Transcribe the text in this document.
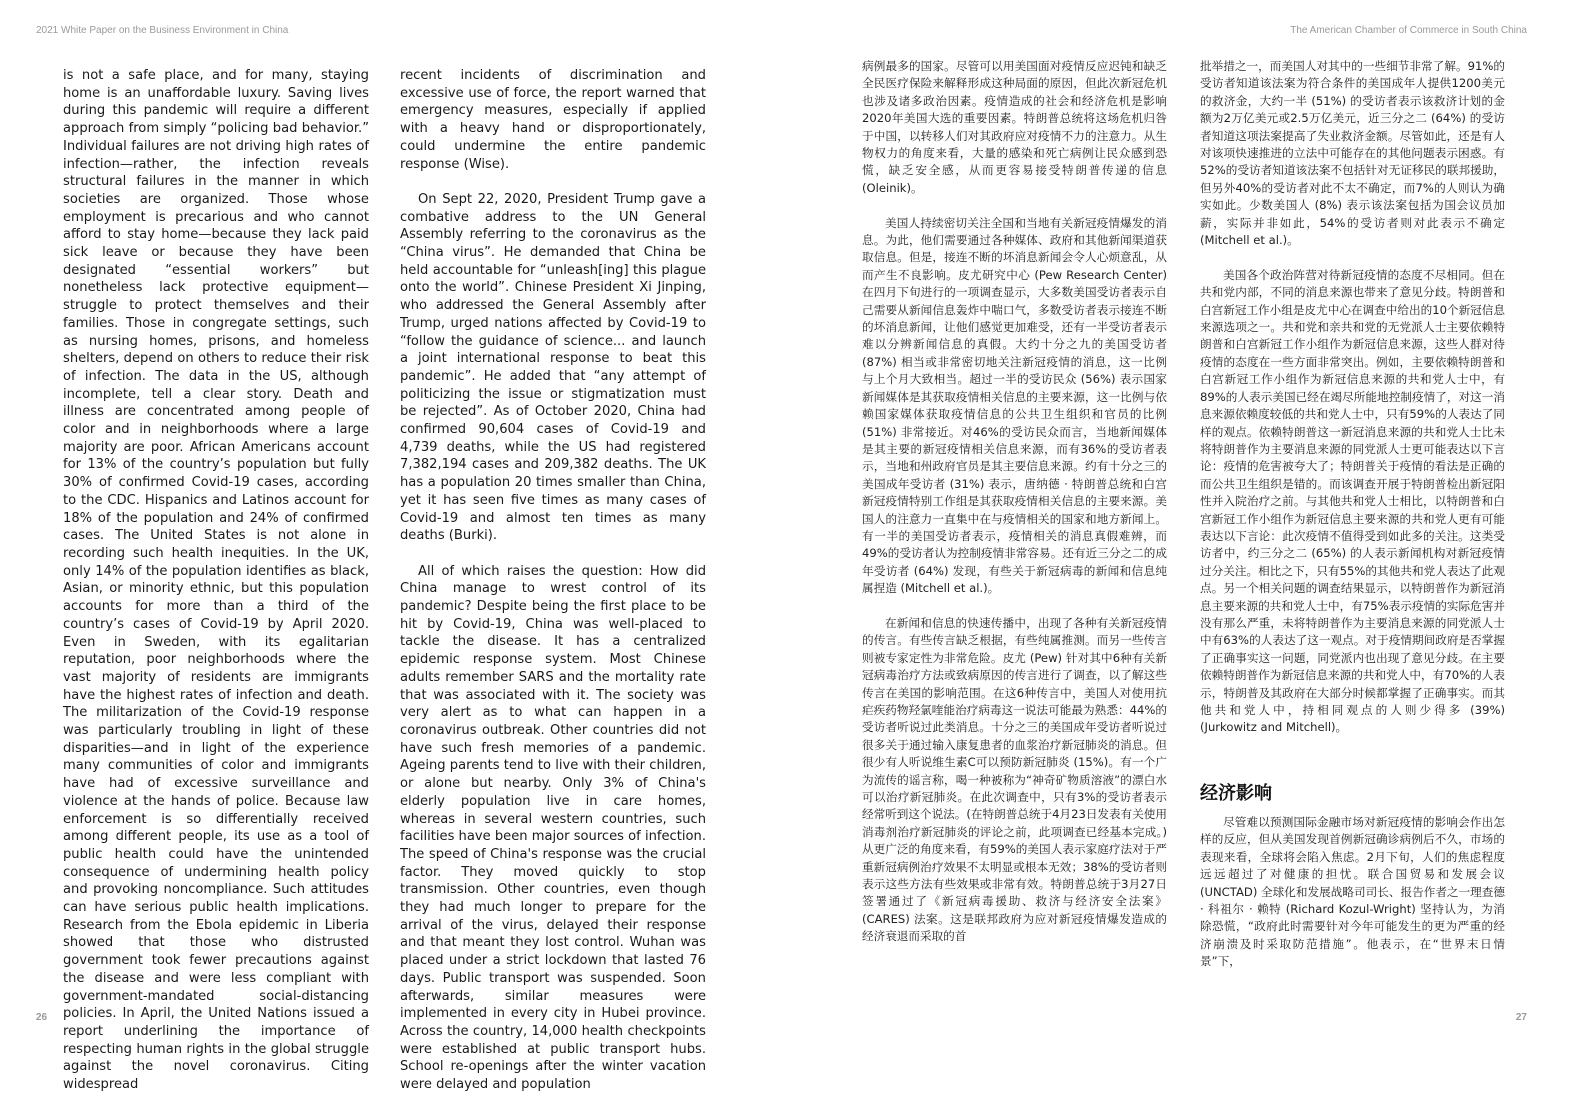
2021 White Paper on the Business Environment in China

is not a safe place, and for many, staying home is an unaffordable luxury. Saving lives during this pandemic will require a different approach from simply “policing bad behavior.” Individual failures are not driving high rates of infection—rather, the infection reveals structural failures in the manner in which societies are organized. Those whose employment is precarious and who cannot afford to stay home—because they lack paid sick leave or because they have been designated “essential workers” but nonetheless lack protective equipment—struggle to protect themselves and their families. Those in congregate settings, such as nursing homes, prisons, and homeless shelters, depend on others to reduce their risk of infection. The data in the US, although incomplete, tell a clear story. Death and illness are concentrated among people of color and in neighborhoods where a large majority are poor. African Americans account for 13% of the country’s population but fully 30% of confirmed Covid-19 cases, according to the CDC. Hispanics and Latinos account for 18% of the population and 24% of confirmed cases. The United States is not alone in recording such health inequities. In the UK, only 14% of the population identifies as black, Asian, or minority ethnic, but this population accounts for more than a third of the country’s cases of Covid-19 by April 2020. Even in Sweden, with its egalitarian reputation, poor neighborhoods where the vast majority of residents are immigrants have the highest rates of infection and death. The militarization of the Covid-19 response was particularly troubling in light of these disparities—and in light of the experience many communities of color and immigrants have had of excessive surveillance and violence at the hands of police. Because law enforcement is so differentially received among different people, its use as a tool of public health could have the unintended consequence of undermining health policy and provoking noncompliance. Such attitudes can have serious public health implications. Research from the Ebola epidemic in Liberia showed that those who distrusted government took fewer precautions against the disease and were less compliant with government-mandated social-distancing policies. In April, the United Nations issued a report underlining the importance of respecting human rights in the global struggle against the novel coronavirus. Citing widespread

recent incidents of discrimination and excessive use of force, the report warned that emergency measures, especially if applied with a heavy hand or disproportionately, could undermine the entire pandemic response (Wise).

On Sept 22, 2020, President Trump gave a combative address to the UN General Assembly referring to the coronavirus as the “China virus”. He demanded that China be held accountable for “unleash[ing] this plague onto the world”. Chinese President Xi Jinping, who addressed the General Assembly after Trump, urged nations affected by Covid-19 to “follow the guidance of science... and launch a joint international response to beat this pandemic”. He added that “any attempt of politicizing the issue or stigmatization must be rejected”. As of October 2020, China had confirmed 90,604 cases of Covid-19 and 4,739 deaths, while the US had registered 7,382,194 cases and 209,382 deaths. The UK has a population 20 times smaller than China, yet it has seen five times as many cases of Covid-19 and almost ten times as many deaths (Burki).

All of which raises the question: How did China manage to wrest control of its pandemic? Despite being the first place to be hit by Covid-19, China was well-placed to tackle the disease. It has a centralized epidemic response system. Most Chinese adults remember SARS and the mortality rate that was associated with it. The society was very alert as to what can happen in a coronavirus outbreak. Other countries did not have such fresh memories of a pandemic. Ageing parents tend to live with their children, or alone but nearby. Only 3% of China's elderly population live in care homes, whereas in several western countries, such facilities have been major sources of infection. The speed of China's response was the crucial factor. They moved quickly to stop transmission. Other countries, even though they had much longer to prepare for the arrival of the virus, delayed their response and that meant they lost control. Wuhan was placed under a strict lockdown that lasted 76 days. Public transport was suspended. Soon afterwards, similar measures were implemented in every city in Hubei province. Across the country, 14,000 health checkpoints were established at public transport hubs. School re-openings after the winter vacation were delayed and population

26
The American Chamber of Commerce in South China

病例最多的国家。尽管可以用美国面对疫情反应迟钝和缺乏全民医疗保险来解释形成这种局面的原因，但此次新冠危机也涉及诸多政治因素。疫情造成的社会和经济危机是影响2020年美国大选的重要因素。特朗普总统将这场危机归咎于中国，以转移人们对其政府应对疫情不力的注意力。从生物权力的角度来看，大量的感染和死亡病例让民众感到恐慌，缺乏安全感，从而更容易接受特朗普传递的信息 (Oleinik)。

美国人持续密切关注全国和当地有关新冠疫情爆发的消息。为此，他们需要通过各种媒体、政府和其他新闻渠道获取信息。但是，接连不断的坏消息新闻会令人心烦意乱，从而产生不良影响。皮尤研究中心 (Pew Research Center) 在四月下旬进行的一项调查显示，大多数美国受访者表示自己需要从新闻信息轰炸中喘口气，多数受访者表示接连不断的坏消息新闻，让他们感觉更加难受，还有一半受访者表示难以分辨新闻信息的真假。大约十分之九的美国受访者 (87%) 相当或非常密切地关注新冠疫情的消息，这一比例与上个月大致相当。超过一半的受访民众 (56%) 表示国家新闻媒体是其获取疫情相关信息的主要来源，这一比例与依赖国家媒体获取疫情信息的公共卫生组织和官员的比例 (51%) 非常接近。对46%的受访民众而言，当地新闻媒体是其主要的新冠疫情相关信息来源，而有36%的受访者表示，当地和州政府官员是其主要信息来源。约有十分之三的美国成年受访者 (31%) 表示，唐纳德 · 特朗普总统和白宫新冠疫情特别工作组是其获取疫情相关信息的主要来源。美国人的注意力一直集中在与疫情相关的国家和地方新闻上。有一半的美国受访者表示，疫情相关的消息真假难辨，而49%的受访者认为控制疫情非常容易。还有近三分之二的成年受访者 (64%) 发现，有些关于新冠病毒的新闻和信息纯属捏造 (Mitchell et al.)。

在新闻和信息的快速传播中，出现了各种有关新冠疫情的传言。有些传言缺乏根据，有些纯属推测。而另一些传言则被专家定性为非常危险。皮尤 (Pew) 针对其中6种有关新冠病毒治疗方法或致病原因的传言进行了调查，以了解这些传言在美国的影响范围。在这6种传言中，美国人对使用抗疟疾药物羟氯喹能治疗病毒这一说法可能最为熟悉：44%的受访者听说过此类消息。十分之三的美国成年受访者听说过很多关于通过输入康复患者的血浆治疗新冠肺炎的消息。但很少有人听说维生素C可以预防新冠肺炎 (15%)。有一个广为流传的谣言称，喝一种被称为“神奇矿物质溶液”的漂白水可以治疗新冠肺炎。在此次调查中，只有3%的受访者表示经常听到这个说法。(在特朗普总统于4月23日发表有关使用消毒剂治疗新冠肺炎的评论之前，此项调查已经基本完成。) 从更广泛的角度来看，有59%的美国人表示家庭疗法对于严重新冠病例治疗效果不太明显或根本无效；38%的受访者则表示这些方法有些效果或非常有效。特朗普总统于3月27日签署通过了《新冠病毒援助、救济与经济安全法案》(CARES) 法案。这是联邦政府为应对新冠疫情爆发造成的经济衰退而采取的首

批举措之一，而美国人对其中的一些细节非常了解。91%的受访者知道该法案为符合条件的美国成年人提供1200美元的救济金，大约一半 (51%) 的受访者表示该救济计划的金额为2万亿美元或2.5万亿美元，近三分之二 (64%) 的受访者知道这项法案提高了失业救济金额。尽管如此，还是有人对该项快速推进的立法中可能存在的其他问题表示困惑。有52%的受访者知道该法案不包括针对无证移民的联邦援助，但另外40%的受访者对此不太不确定，而7%的人则认为确实如此。少数美国人 (8%) 表示该法案包括为国会议员加薪，实际并非如此，54%的受访者则对此表示不确定 (Mitchell et al.)。

美国各个政治阵营对待新冠疫情的态度不尽相同。但在共和党内部，不同的消息来源也带来了意见分歧。特朗普和白宫新冠工作小组是皮尤中心在调查中给出的10个新冠信息来源选项之一。共和党和亲共和党的无党派人士主要依赖特朗普和白宫新冠工作小组作为新冠信息来源，这些人群对待疫情的态度在一些方面非常突出。例如，主要依赖特朗普和白宫新冠工作小组作为新冠信息来源的共和党人士中，有89%的人表示美国已经在竭尽所能地控制疫情了，对这一消息来源依赖度较低的共和党人士中，只有59%的人表达了同样的观点。依赖特朗普这一新冠消息来源的共和党人士比未将特朗普作为主要消息来源的同党派人士更可能表达以下言论：疫情的危害被夸大了；特朗普关于疫情的看法是正确的而公共卫生组织是错的。而该调查开展于特朗普检出新冠阳性并入院治疗之前。与其他共和党人士相比，以特朗普和白宫新冠工作小组作为新冠信息主要来源的共和党人更有可能表达以下言论：此次疫情不值得受到如此多的关注。这类受访者中，约三分之二 (65%) 的人表示新闻机构对新冠疫情过分关注。相比之下，只有55%的其他共和党人表达了此观点。另一个相关问题的调查结果显示，以特朗普作为新冠消息主要来源的共和党人士中，有75%表示疫情的实际危害并没有那么严重，未将特朗普作为主要消息来源的同党派人士中有63%的人表达了这一观点。对于疫情期间政府是否掌握了正确事实这一问题，同党派内也出现了意见分歧。在主要依赖特朗普作为新冠信息来源的共和党人中，有70%的人表示，特朗普及其政府在大部分时候都掌握了正确事实。而其他共和党人中，持相同观点的人则少得多 (39%) (Jurkowitz and Mitchell)。

经济影响

尽管难以预测国际金融市场对新冠疫情的影响会作出怎样的反应，但从美国发现首例新冠确诊病例后不久，市场的表现来看，全球将会陷入焦虑。2月下旬，人们的焦虑程度远远超过了对健康的担忧。联合国贸易和发展会议 (UNCTAD) 全球化和发展战略司司长、报告作者之一理查德 · 科祖尔 · 赖特 (Richard Kozul-Wright) 坚持认为，为消除恐慌，“政府此时需要针对今年可能发生的更为严重的经济崩溃及时采取防范措施”。他表示，在“世界末日情景”下，

27
